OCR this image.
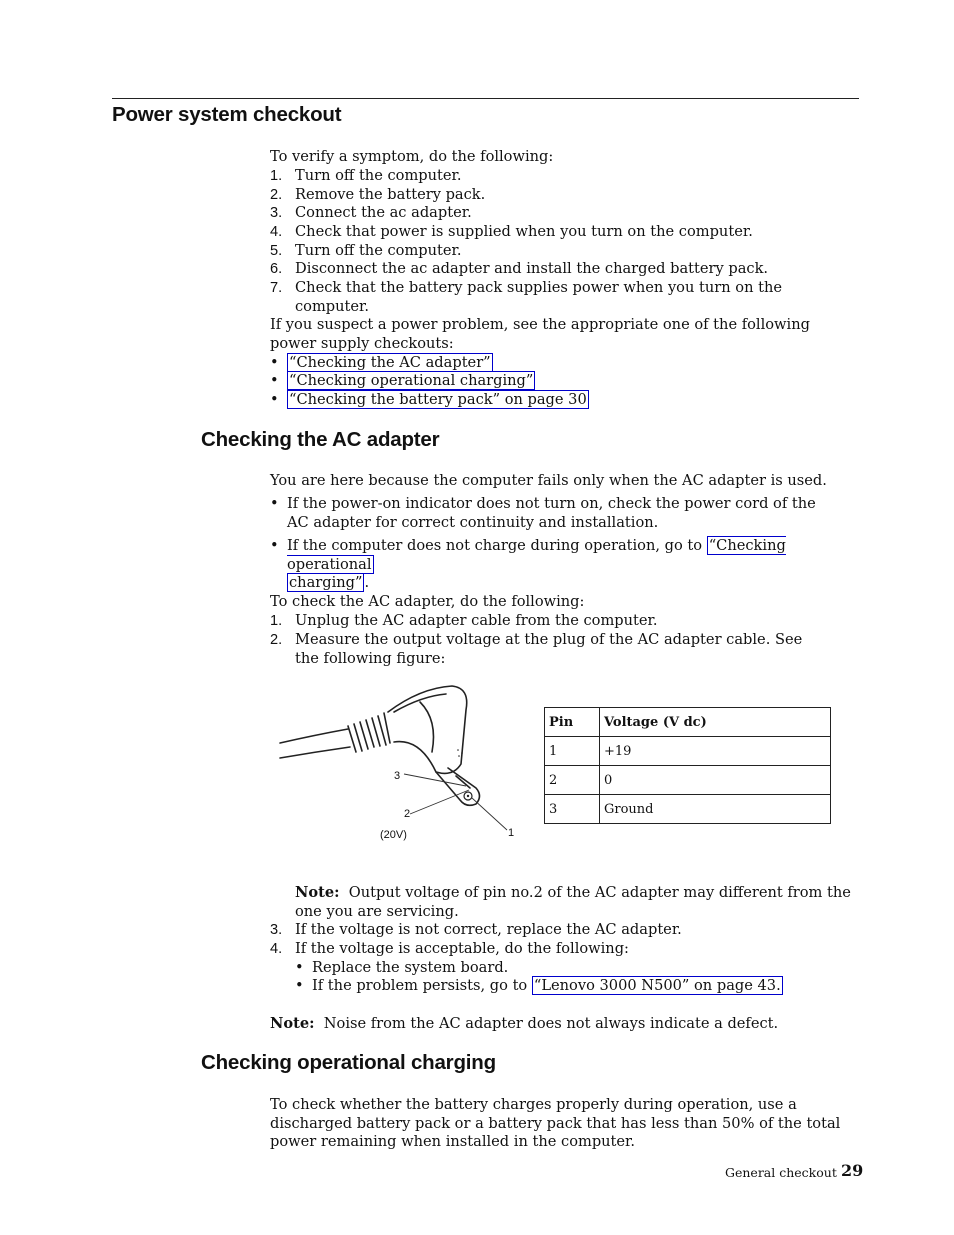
Power system checkout

To verify a symptom, do the following:

1. Turn off the computer.
2. Remove the battery pack.
3. Connect the ac adapter.
4. Check that power is supplied when you turn on the computer.
5. Turn off the computer.
6. Disconnect the ac adapter and install the charged battery pack.
7. Check that the battery pack supplies power when you turn on the computer.

If you suspect a power problem, see the appropriate one of the following power supply checkouts:

• “Checking the AC adapter”
• “Checking operational charging”
• “Checking the battery pack” on page 30
Checking the AC adapter

You are here because the computer fails only when the AC adapter is used.

• If the power-on indicator does not turn on, check the power cord of the AC adapter for correct continuity and installation.
• If the computer does not charge during operation, go to “Checking operational
charging” .

To check the AC adapter, do the following:

1. Unplug the AC adapter cable from the computer.
2. Measure the output voltage at the plug of the AC adapter cable. See the following figure:
3
2
(20V)	1
Pin	Voltage (V dc)
1	+19
2	0
3	Ground

Note: Output voltage of pin no.2 of the AC adapter may different from the one you are servicing.

3. If the voltage is not correct, replace the AC adapter.
4. If the voltage is acceptable, do the following:
• Replace the system board.
• If the problem persists, go to “Lenovo 3000 N500” on page 43.

Note: Noise from the AC adapter does not always indicate a defect.

Checking operational charging

To check whether the battery charges properly during operation, use a discharged battery pack or a battery pack that has less than 50% of the total power remaining when installed in the computer.

General checkout 29
